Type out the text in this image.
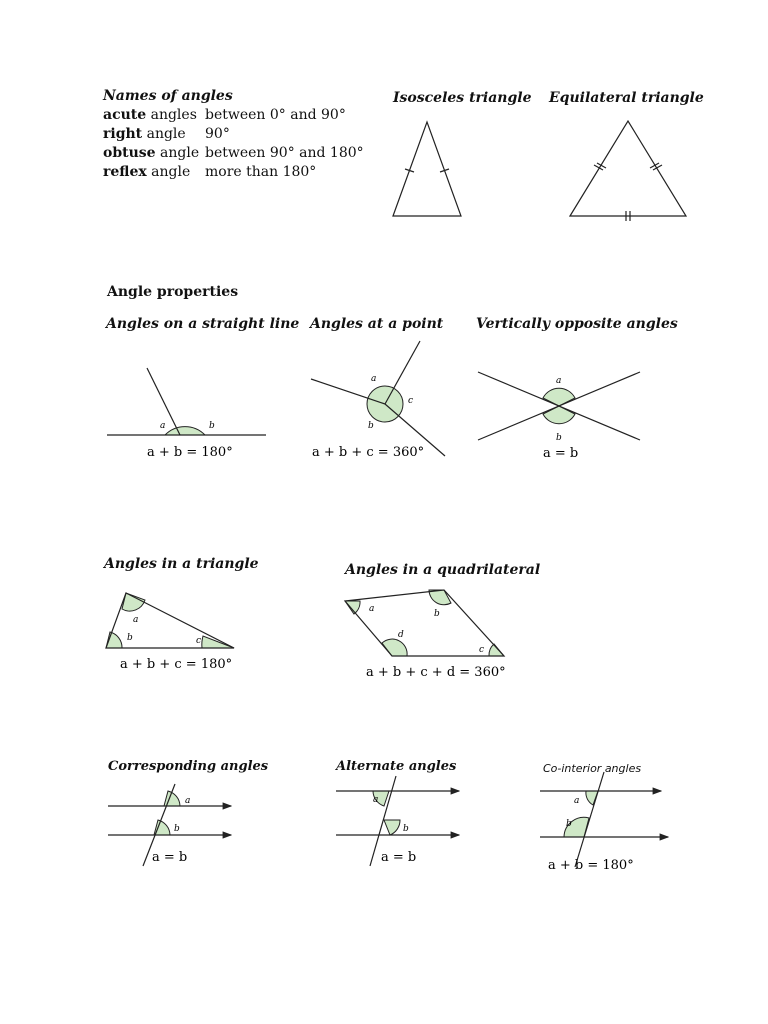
Names of angles
acute angles between 0° and 90°
right angle 90°
obtuse angle between 90° and 180°
reflex angle more than 180°
Isosceles triangle Equilateral triangle
Angle properties
Angles on a straight line Angles at a point Vertically opposite angles
Angles in a triangle	Angles in a quadrilateral
Corresponding angles	Alternate angles	Co-interior angles
a	b
a + b = 180°
a
c
b
a + b + c = 360°
a
b
a = b
a
b	c
a + b + c = 180°
a	b
c
d
a + b + c + d = 360°
a
b
a = b
a
b
a = b
a
b
a + b = 180°
